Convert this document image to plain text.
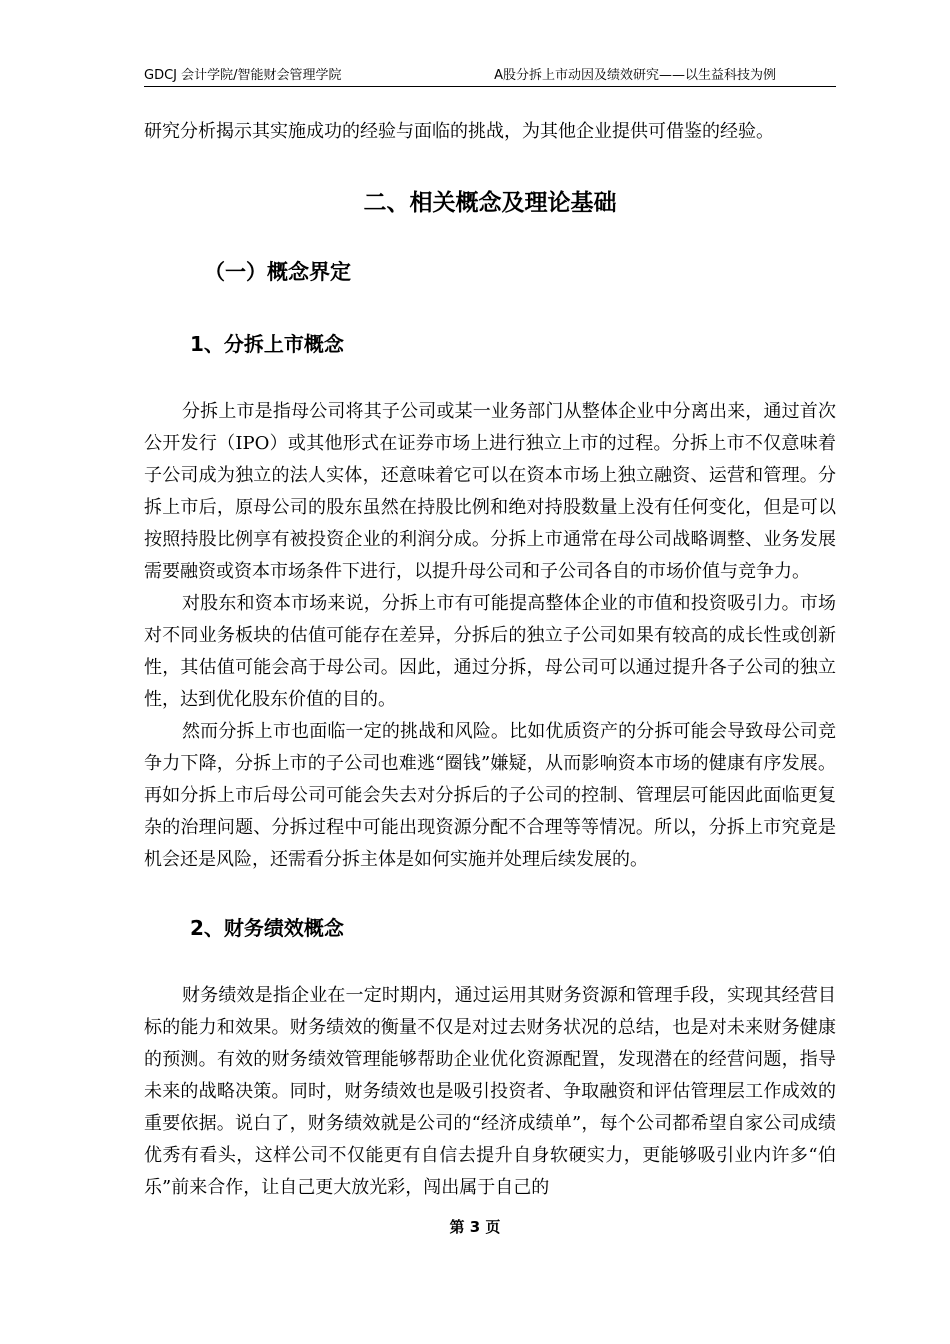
GDCJ 会计学院/智能财会管理学院	A股分拆上市动因及绩效研究——以生益科技为例

研究分析揭示其实施成功的经验与面临的挑战，为其他企业提供可借鉴的经验。

二、相关概念及理论基础
（一）概念界定
1、分拆上市概念

分拆上市是指母公司将其子公司或某一业务部门从整体企业中分离出来，通过首次公开发行（IPO）或其他形式在证券市场上进行独立上市的过程。分拆上市不仅意味着子公司成为独立的法人实体，还意味着它可以在资本市场上独立融资、运营和管理。分拆上市后，原母公司的股东虽然在持股比例和绝对持股数量上没有任何变化，但是可以按照持股比例享有被投资企业的利润分成。分拆上市通常在母公司战略调整、业务发展需要融资或资本市场条件下进行，以提升母公司和子公司各自的市场价值与竞争力。

对股东和资本市场来说，分拆上市有可能提高整体企业的市值和投资吸引力。市场对不同业务板块的估值可能存在差异，分拆后的独立子公司如果有较高的成长性或创新性，其估值可能会高于母公司。因此，通过分拆，母公司可以通过提升各子公司的独立性，达到优化股东价值的目的。

然而分拆上市也面临一定的挑战和风险。比如优质资产的分拆可能会导致母公司竞争力下降，分拆上市的子公司也难逃“圈钱”嫌疑，从而影响资本市场的健康有序发展。再如分拆上市后母公司可能会失去对分拆后的子公司的控制、管理层可能因此面临更复杂的治理问题、分拆过程中可能出现资源分配不合理等等情况。所以，分拆上市究竟是机会还是风险，还需看分拆主体是如何实施并处理后续发展的。

2、财务绩效概念

财务绩效是指企业在一定时期内，通过运用其财务资源和管理手段，实现其经营目标的能力和效果。财务绩效的衡量不仅是对过去财务状况的总结，也是对未来财务健康的预测。有效的财务绩效管理能够帮助企业优化资源配置，发现潜在的经营问题，指导未来的战略决策。同时，财务绩效也是吸引投资者、争取融资和评估管理层工作成效的重要依据。说白了，财务绩效就是公司的“经济成绩单”，每个公司都希望自家公司成绩优秀有看头，这样公司不仅能更有自信去提升自身软硬实力，更能够吸引业内许多“伯乐”前来合作，让自己更大放光彩，闯出属于自己的

第 3 页
